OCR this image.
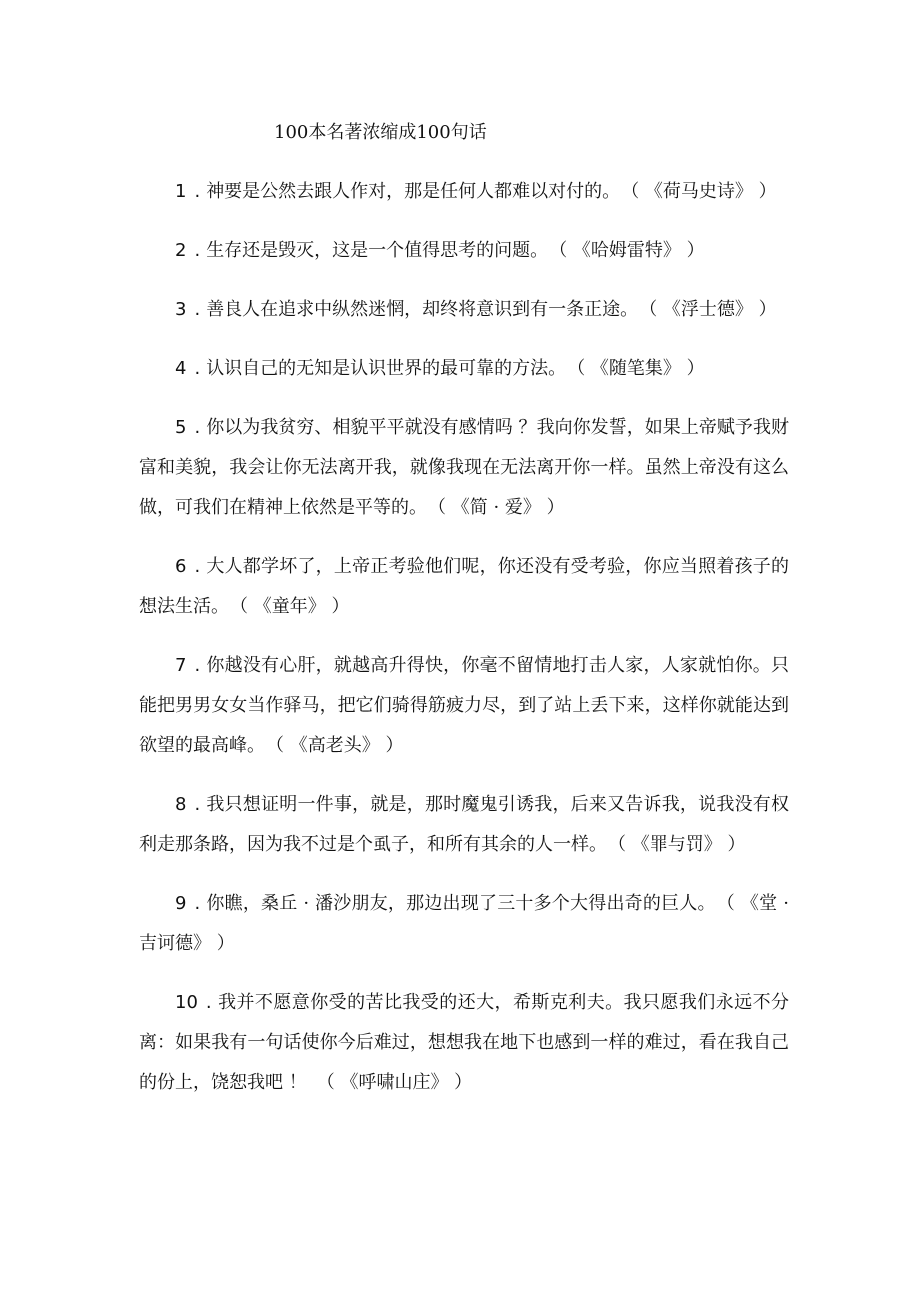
100本名著浓缩成100句话
1 . 神要是公然去跟人作对，那是任何人都难以对付的。 （ 《荷马史诗》 ）
2 . 生存还是毁灭，这是一个值得思考的问题。 （ 《哈姆雷特》 ）
3 . 善良人在追求中纵然迷惘，却终将意识到有一条正途。 （ 《浮士德》 ）
4 . 认识自己的无知是认识世界的最可靠的方法。 （ 《随笔集》 ）
5 . 你以为我贫穷、相貌平平就没有感情吗 ？我向你发誓，如果上帝赋予我财富和美貌，我会让你无法离开我，就像我现在无法离开你一样。虽然上帝没有这么做，可我们在精神上依然是平等的。 （ 《简 · 爱》 ）
6 . 大人都学坏了，上帝正考验他们呢，你还没有受考验，你应当照着孩子的想法生活。 （ 《童年》 ）
7 . 你越没有心肝，就越高升得快，你毫不留情地打击人家，人家就怕你。只能把男男女女当作驿马，把它们骑得筋疲力尽，到了站上丢下来，这样你就能达到欲望的最高峰。 （ 《高老头》 ）
8 . 我只想证明一件事，就是，那时魔鬼引诱我，后来又告诉我，说我没有权利走那条路，因为我不过是个虱子，和所有其余的人一样。 （ 《罪与罚》 ）
9 . 你瞧，桑丘 · 潘沙朋友，那边出现了三十多个大得出奇的巨人。 （ 《堂 · 吉诃德》 ）
10 . 我并不愿意你受的苦比我受的还大，希斯克利夫。我只愿我们永远不分离：如果我有一句话使你今后难过，想想我在地下也感到一样的难过，看在我自己的份上，饶恕我吧 ！ （ 《呼啸山庄》 ）
